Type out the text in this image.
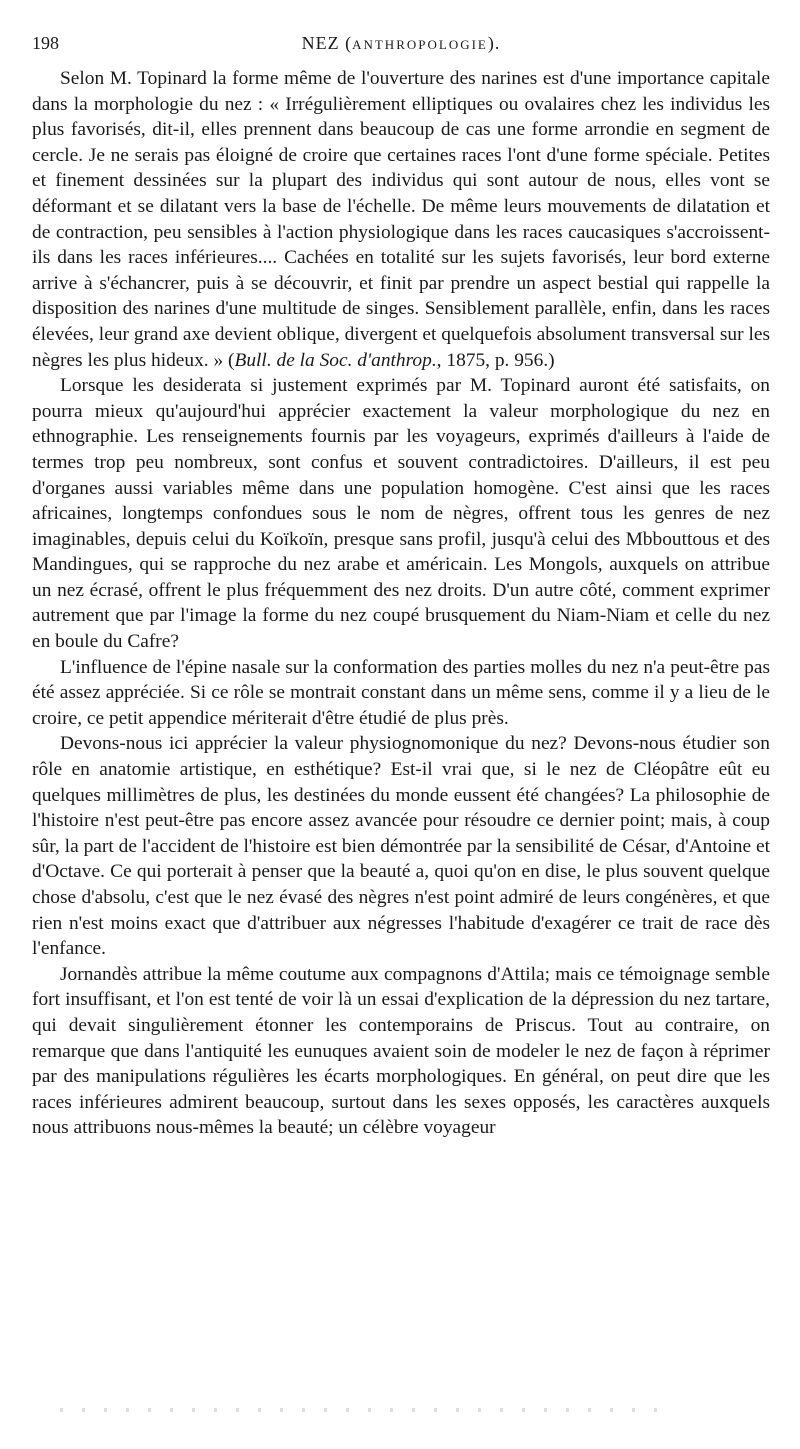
198	NEZ (ANTHROPOLOGIE).

Selon M. Topinard la forme même de l'ouverture des narines est d'une importance capitale dans la morphologie du nez : « Irrégulièrement elliptiques ou ovalaires chez les individus les plus favorisés, dit-il, elles prennent dans beaucoup de cas une forme arrondie en segment de cercle. Je ne serais pas éloigné de croire que certaines races l'ont d'une forme spéciale. Petites et finement dessinées sur la plupart des individus qui sont autour de nous, elles vont se déformant et se dilatant vers la base de l'échelle. De même leurs mouvements de dilatation et de contraction, peu sensibles à l'action physiologique dans les races caucasiques s'accroissent-ils dans les races inférieures.... Cachées en totalité sur les sujets favorisés, leur bord externe arrive à s'échancrer, puis à se découvrir, et finit par prendre un aspect bestial qui rappelle la disposition des narines d'une multitude de singes. Sensiblement parallèle, enfin, dans les races élevées, leur grand axe devient oblique, divergent et quelquefois absolument transversal sur les nègres les plus hideux. » (Bull. de la Soc. d'anthrop., 1875, p. 956.)

Lorsque les desiderata si justement exprimés par M. Topinard auront été satisfaits, on pourra mieux qu'aujourd'hui apprécier exactement la valeur morphologique du nez en ethnographie. Les renseignements fournis par les voyageurs, exprimés d'ailleurs à l'aide de termes trop peu nombreux, sont confus et souvent contradictoires. D'ailleurs, il est peu d'organes aussi variables même dans une population homogène. C'est ainsi que les races africaines, longtemps confondues sous le nom de nègres, offrent tous les genres de nez imaginables, depuis celui du Koïkoïn, presque sans profil, jusqu'à celui des Mbbouttous et des Mandingues, qui se rapproche du nez arabe et américain. Les Mongols, auxquels on attribue un nez écrasé, offrent le plus fréquemment des nez droits. D'un autre côté, comment exprimer autrement que par l'image la forme du nez coupé brusquement du Niam-Niam et celle du nez en boule du Cafre?

L'influence de l'épine nasale sur la conformation des parties molles du nez n'a peut-être pas été assez appréciée. Si ce rôle se montrait constant dans un même sens, comme il y a lieu de le croire, ce petit appendice mériterait d'être étudié de plus près.

Devons-nous ici apprécier la valeur physiognomonique du nez? Devons-nous étudier son rôle en anatomie artistique, en esthétique? Est-il vrai que, si le nez de Cléopâtre eût eu quelques millimètres de plus, les destinées du monde eussent été changées? La philosophie de l'histoire n'est peut-être pas encore assez avancée pour résoudre ce dernier point; mais, à coup sûr, la part de l'accident de l'histoire est bien démontrée par la sensibilité de César, d'Antoine et d'Octave. Ce qui porterait à penser que la beauté a, quoi qu'on en dise, le plus souvent quelque chose d'absolu, c'est que le nez évasé des nègres n'est point admiré de leurs congénères, et que rien n'est moins exact que d'attribuer aux négresses l'habitude d'exagérer ce trait de race dès l'enfance.

Jornandès attribue la même coutume aux compagnons d'Attila; mais ce témoignage semble fort insuffisant, et l'on est tenté de voir là un essai d'explication de la dépression du nez tartare, qui devait singulièrement étonner les contemporains de Priscus. Tout au contraire, on remarque que dans l'antiquité les eunuques avaient soin de modeler le nez de façon à réprimer par des manipulations régulières les écarts morphologiques. En général, on peut dire que les races inférieures admirent beaucoup, surtout dans les sexes opposés, les caractères auxquels nous attribuons nous-mêmes la beauté; un célèbre voyageur
